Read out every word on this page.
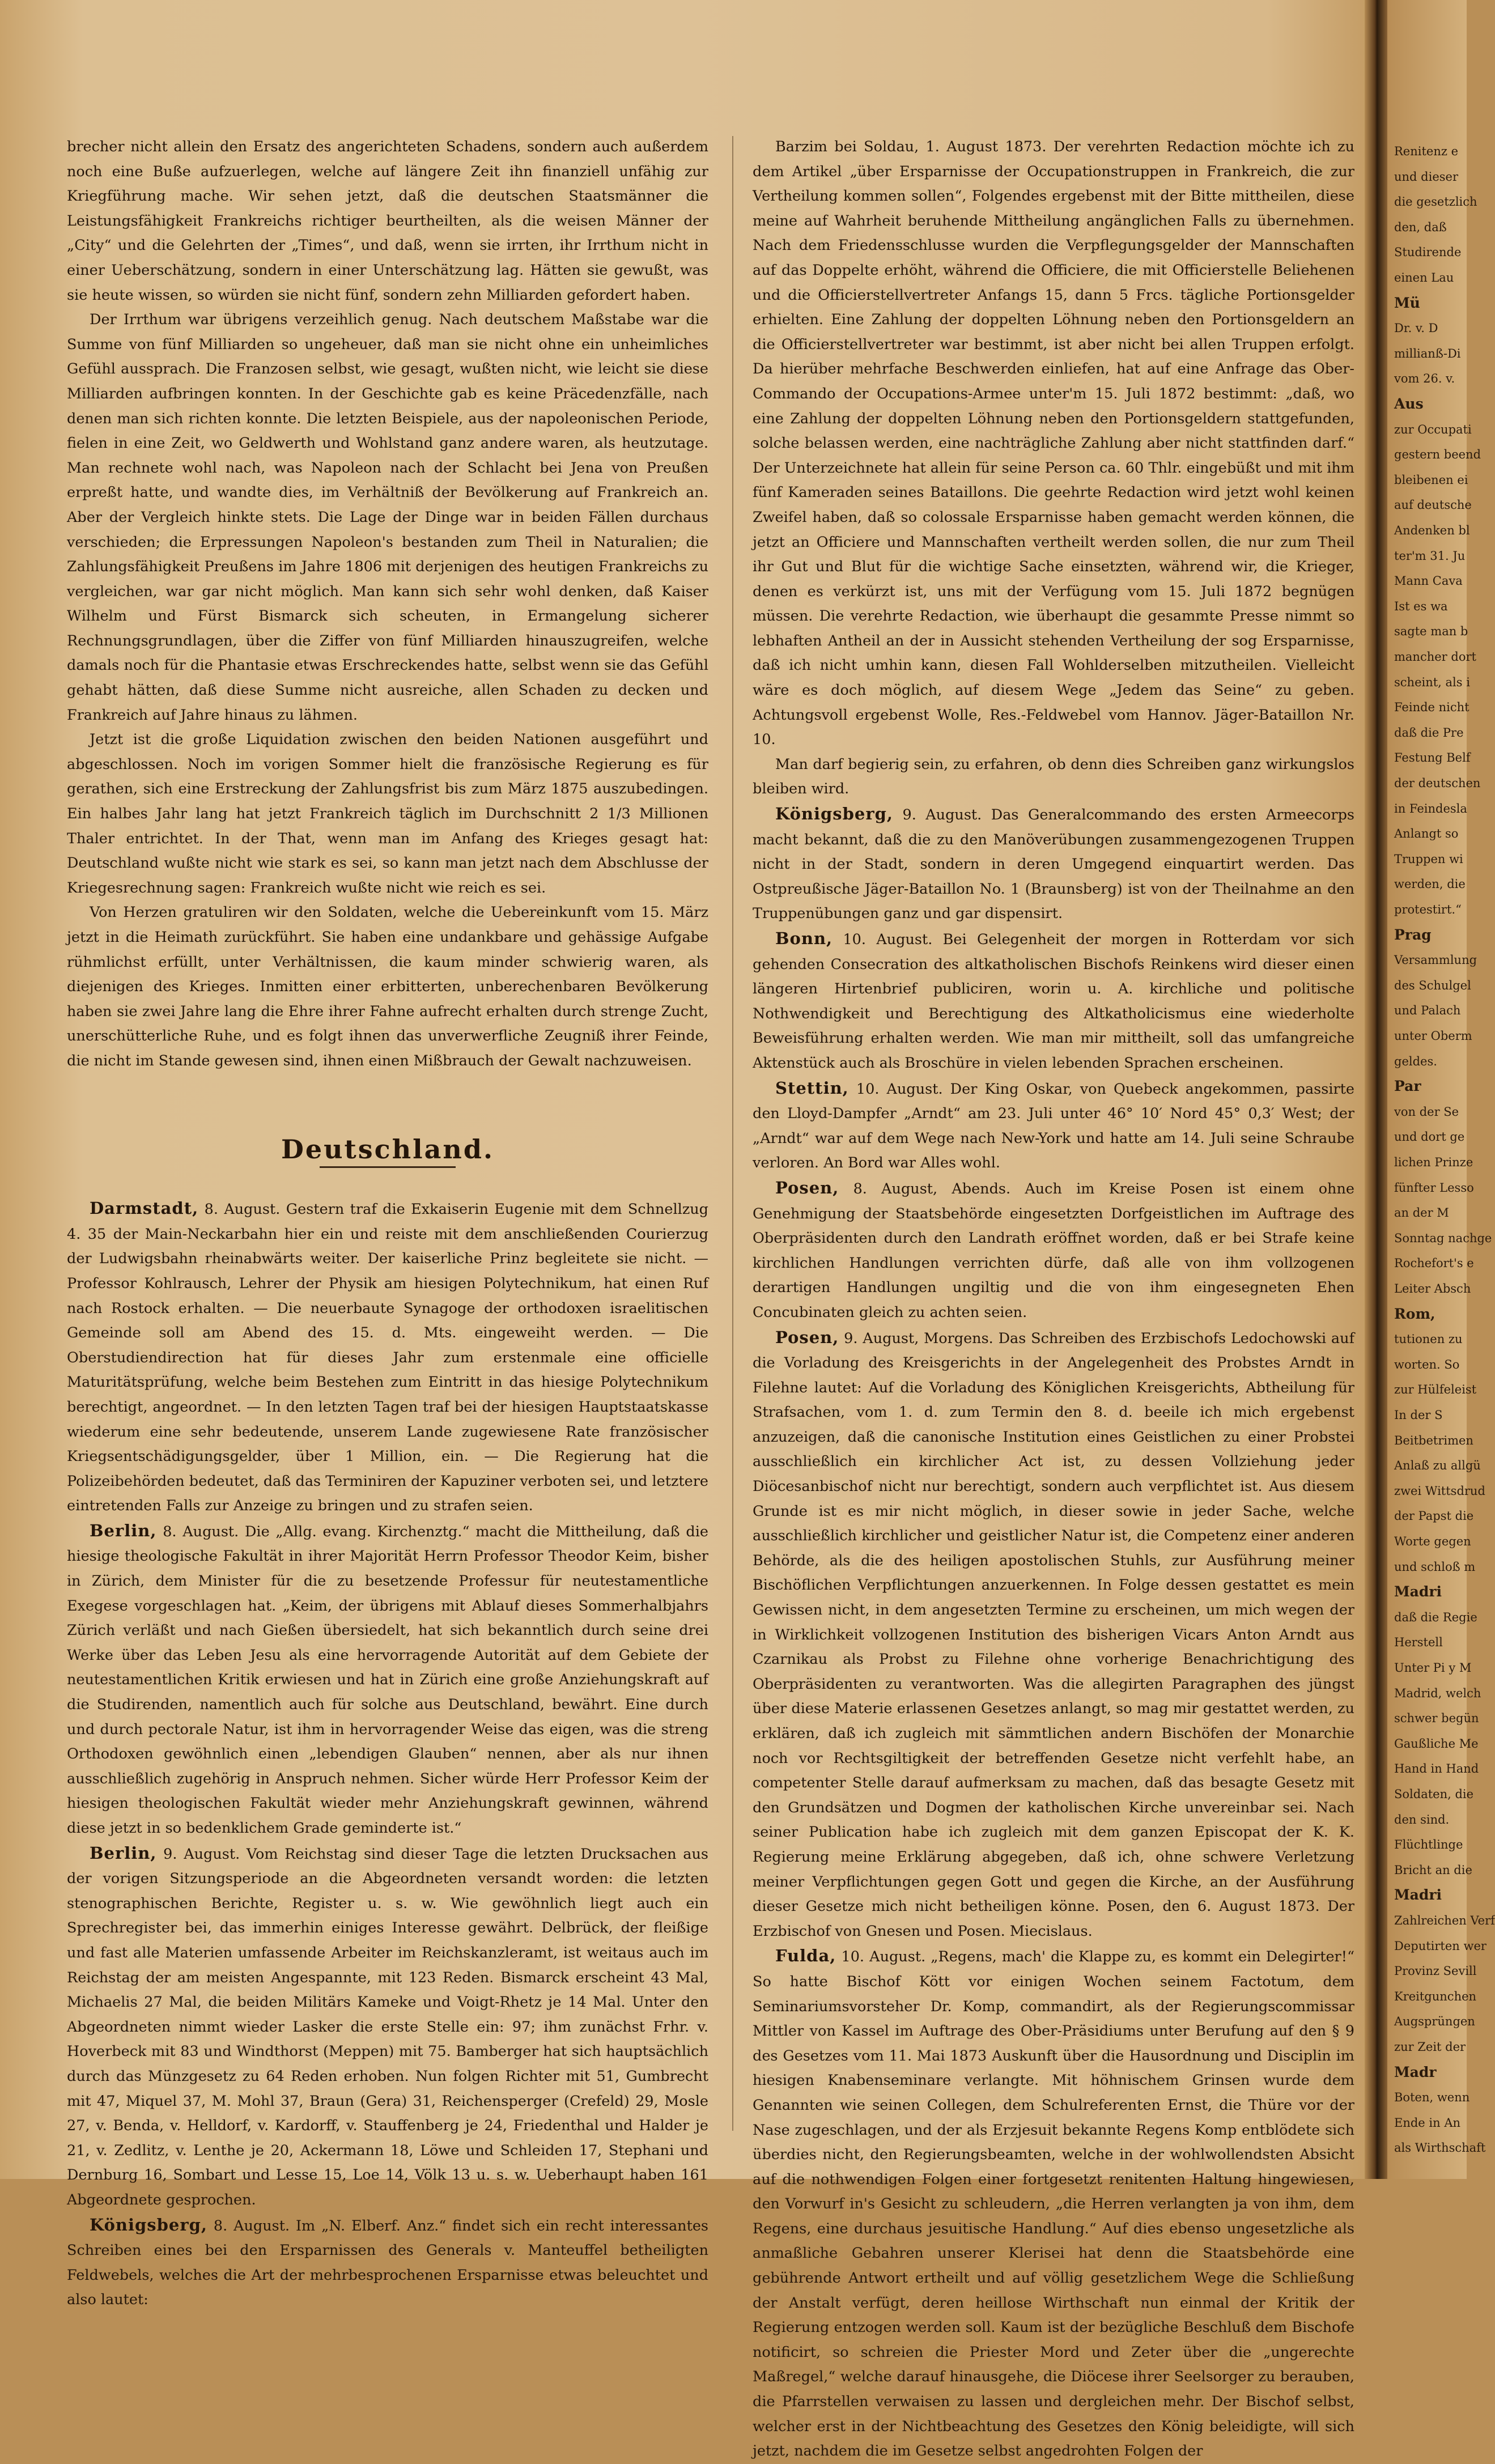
brecher nicht allein den Ersatz des angerichteten Schadens, sondern auch außerdem noch eine Buße aufzuerlegen, welche auf längere Zeit ihn finanziell unfähig zur Kriegführung mache. Wir sehen jetzt, daß die deutschen Staatsmänner die Leistungsfähigkeit Frankreichs richtiger beurtheilten, als die weisen Männer der „City“ und die Gelehrten der „Times“, und daß, wenn sie irrten, ihr Irrthum nicht in einer Ueberschätzung, sondern in einer Unterschätzung lag. Hätten sie gewußt, was sie heute wissen, so würden sie nicht fünf, sondern zehn Milliarden gefordert haben.

Der Irrthum war übrigens verzeihlich genug. Nach deutschem Maßstabe war die Summe von fünf Milliarden so ungeheuer, daß man sie nicht ohne ein unheimliches Gefühl aussprach. Die Franzosen selbst, wie gesagt, wußten nicht, wie leicht sie diese Milliarden aufbringen konnten. In der Geschichte gab es keine Präcedenzfälle, nach denen man sich richten konnte. Die letzten Beispiele, aus der napoleonischen Periode, fielen in eine Zeit, wo Geldwerth und Wohlstand ganz andere waren, als heutzutage. Man rechnete wohl nach, was Napoleon nach der Schlacht bei Jena von Preußen erpreßt hatte, und wandte dies, im Verhältniß der Bevölkerung auf Frankreich an. Aber der Vergleich hinkte stets. Die Lage der Dinge war in beiden Fällen durchaus verschieden; die Erpressungen Napoleon's bestanden zum Theil in Naturalien; die Zahlungsfähigkeit Preußens im Jahre 1806 mit derjenigen des heutigen Frankreichs zu vergleichen, war gar nicht möglich. Man kann sich sehr wohl denken, daß Kaiser Wilhelm und Fürst Bismarck sich scheuten, in Ermangelung sicherer Rechnungsgrundlagen, über die Ziffer von fünf Milliarden hinauszugreifen, welche damals noch für die Phantasie etwas Erschreckendes hatte, selbst wenn sie das Gefühl gehabt hätten, daß diese Summe nicht ausreiche, allen Schaden zu decken und Frankreich auf Jahre hinaus zu lähmen.

Jetzt ist die große Liquidation zwischen den beiden Nationen ausgeführt und abgeschlossen. Noch im vorigen Sommer hielt die französische Regierung es für gerathen, sich eine Erstreckung der Zahlungsfrist bis zum März 1875 auszubedingen. Ein halbes Jahr lang hat jetzt Frankreich täglich im Durchschnitt 2 1/3 Millionen Thaler entrichtet. In der That, wenn man im Anfang des Krieges gesagt hat: Deutschland wußte nicht wie stark es sei, so kann man jetzt nach dem Abschlusse der Kriegesrechnung sagen: Frankreich wußte nicht wie reich es sei.

Von Herzen gratuliren wir den Soldaten, welche die Uebereinkunft vom 15. März jetzt in die Heimath zurückführt. Sie haben eine undankbare und gehässige Aufgabe rühmlichst erfüllt, unter Verhältnissen, die kaum minder schwierig waren, als diejenigen des Krieges. Inmitten einer erbitterten, unberechenbaren Bevölkerung haben sie zwei Jahre lang die Ehre ihrer Fahne aufrecht erhalten durch strenge Zucht, unerschütterliche Ruhe, und es folgt ihnen das unverwerfliche Zeugniß ihrer Feinde, die nicht im Stande gewesen sind, ihnen einen Mißbrauch der Gewalt nachzuweisen.

Deutschland.

Darmstadt, 8. August. Gestern traf die Exkaiserin Eugenie mit dem Schnellzug 4. 35 der Main-Neckarbahn hier ein und reiste mit dem anschließenden Courierzug der Ludwigsbahn rheinabwärts weiter. Der kaiserliche Prinz begleitete sie nicht. — Professor Kohlrausch, Lehrer der Physik am hiesigen Polytechnikum, hat einen Ruf nach Rostock erhalten. — Die neuerbaute Synagoge der orthodoxen israelitischen Gemeinde soll am Abend des 15. d. Mts. eingeweiht werden. — Die Oberstudiendirection hat für dieses Jahr zum erstenmale eine officielle Maturitätsprüfung, welche beim Bestehen zum Eintritt in das hiesige Polytechnikum berechtigt, angeordnet. — In den letzten Tagen traf bei der hiesigen Hauptstaatskasse wiederum eine sehr bedeutende, unserem Lande zugewiesene Rate französischer Kriegsentschädigungsgelder, über 1 Million, ein. — Die Regierung hat die Polizeibehörden bedeutet, daß das Terminiren der Kapuziner verboten sei, und letztere eintretenden Falls zur Anzeige zu bringen und zu strafen seien.

Berlin, 8. August. Die „Allg. evang. Kirchenztg.“ macht die Mittheilung, daß die hiesige theologische Fakultät in ihrer Majorität Herrn Professor Theodor Keim, bisher in Zürich, dem Minister für die zu besetzende Professur für neutestamentliche Exegese vorgeschlagen hat. „Keim, der übrigens mit Ablauf dieses Sommerhalbjahrs Zürich verläßt und nach Gießen übersiedelt, hat sich bekanntlich durch seine drei Werke über das Leben Jesu als eine hervorragende Autorität auf dem Gebiete der neutestamentlichen Kritik erwiesen und hat in Zürich eine große Anziehungskraft auf die Studirenden, namentlich auch für solche aus Deutschland, bewährt. Eine durch und durch pectorale Natur, ist ihm in hervorragender Weise das eigen, was die streng Orthodoxen gewöhnlich einen „lebendigen Glauben“ nennen, aber als nur ihnen ausschließlich zugehörig in Anspruch nehmen. Sicher würde Herr Professor Keim der hiesigen theologischen Fakultät wieder mehr Anziehungskraft gewinnen, während diese jetzt in so bedenklichem Grade geminderte ist.“

Berlin, 9. August. Vom Reichstag sind dieser Tage die letzten Drucksachen aus der vorigen Sitzungsperiode an die Abgeordneten versandt worden: die letzten stenographischen Berichte, Register u. s. w. Wie gewöhnlich liegt auch ein Sprechregister bei, das immerhin einiges Interesse gewährt. Delbrück, der fleißige und fast alle Materien umfassende Arbeiter im Reichskanzleramt, ist weitaus auch im Reichstag der am meisten Angespannte, mit 123 Reden. Bismarck erscheint 43 Mal, Michaelis 27 Mal, die beiden Militärs Kameke und Voigt-Rhetz je 14 Mal. Unter den Abgeordneten nimmt wieder Lasker die erste Stelle ein: 97; ihm zunächst Frhr. v. Hoverbeck mit 83 und Windthorst (Meppen) mit 75. Bamberger hat sich hauptsächlich durch das Münzgesetz zu 64 Reden erhoben. Nun folgen Richter mit 51, Gumbrecht mit 47, Miquel 37, M. Mohl 37, Braun (Gera) 31, Reichensperger (Crefeld) 29, Mosle 27, v. Benda, v. Helldorf, v. Kardorff, v. Stauffenberg je 24, Friedenthal und Halder je 21, v. Zedlitz, v. Lenthe je 20, Ackermann 18, Löwe und Schleiden 17, Stephani und Dernburg 16, Sombart und Lesse 15, Loe 14, Völk 13 u. s. w. Ueberhaupt haben 161 Abgeordnete gesprochen.

Königsberg, 8. August. Im „N. Elberf. Anz.“ findet sich ein recht interessantes Schreiben eines bei den Ersparnissen des Generals v. Manteuffel betheiligten Feldwebels, welches die Art der mehrbesprochenen Ersparnisse etwas beleuchtet und also lautet:

Barzim bei Soldau, 1. August 1873. Der verehrten Redaction möchte ich zu dem Artikel „über Ersparnisse der Occupationstruppen in Frankreich, die zur Vertheilung kommen sollen“, Folgendes ergebenst mit der Bitte mittheilen, diese meine auf Wahrheit beruhende Mittheilung angänglichen Falls zu übernehmen. Nach dem Friedensschlusse wurden die Verpflegungsgelder der Mannschaften auf das Doppelte erhöht, während die Officiere, die mit Officierstelle Beliehenen und die Officierstellvertreter Anfangs 15, dann 5 Frcs. tägliche Portionsgelder erhielten. Eine Zahlung der doppelten Löhnung neben den Portionsgeldern an die Officierstellvertreter war bestimmt, ist aber nicht bei allen Truppen erfolgt. Da hierüber mehrfache Beschwerden einliefen, hat auf eine Anfrage das Ober-Commando der Occupations-Armee unter'm 15. Juli 1872 bestimmt: „daß, wo eine Zahlung der doppelten Löhnung neben den Portionsgeldern stattgefunden, solche belassen werden, eine nachträgliche Zahlung aber nicht stattfinden darf.“ Der Unterzeichnete hat allein für seine Person ca. 60 Thlr. eingebüßt und mit ihm fünf Kameraden seines Bataillons. Die geehrte Redaction wird jetzt wohl keinen Zweifel haben, daß so colossale Ersparnisse haben gemacht werden können, die jetzt an Officiere und Mannschaften vertheilt werden sollen, die nur zum Theil ihr Gut und Blut für die wichtige Sache einsetzten, während wir, die Krieger, denen es verkürzt ist, uns mit der Verfügung vom 15. Juli 1872 begnügen müssen. Die verehrte Redaction, wie überhaupt die gesammte Presse nimmt so lebhaften Antheil an der in Aussicht stehenden Vertheilung der sog Ersparnisse, daß ich nicht umhin kann, diesen Fall Wohlderselben mitzutheilen. Vielleicht wäre es doch möglich, auf diesem Wege „Jedem das Seine“ zu geben. Achtungsvoll ergebenst Wolle, Res.-Feldwebel vom Hannov. Jäger-Bataillon Nr. 10.

Man darf begierig sein, zu erfahren, ob denn dies Schreiben ganz wirkungslos bleiben wird.

Königsberg, 9. August. Das Generalcommando des ersten Armeecorps macht bekannt, daß die zu den Manöverübungen zusammengezogenen Truppen nicht in der Stadt, sondern in deren Umgegend einquartirt werden. Das Ostpreußische Jäger-Bataillon No. 1 (Braunsberg) ist von der Theilnahme an den Truppenübungen ganz und gar dispensirt.

Bonn, 10. August. Bei Gelegenheit der morgen in Rotterdam vor sich gehenden Consecration des altkatholischen Bischofs Reinkens wird dieser einen längeren Hirtenbrief publiciren, worin u. A. kirchliche und politische Nothwendigkeit und Berechtigung des Altkatholicismus eine wiederholte Beweisführung erhalten werden. Wie man mir mittheilt, soll das umfangreiche Aktenstück auch als Broschüre in vielen lebenden Sprachen erscheinen.

Stettin, 10. August. Der King Oskar, von Quebeck angekommen, passirte den Lloyd-Dampfer „Arndt“ am 23. Juli unter 46° 10′ Nord 45° 0,3′ West; der „Arndt“ war auf dem Wege nach New-York und hatte am 14. Juli seine Schraube verloren. An Bord war Alles wohl.

Posen, 8. August, Abends. Auch im Kreise Posen ist einem ohne Genehmigung der Staatsbehörde eingesetzten Dorfgeistlichen im Auftrage des Oberpräsidenten durch den Landrath eröffnet worden, daß er bei Strafe keine kirchlichen Handlungen verrichten dürfe, daß alle von ihm vollzogenen derartigen Handlungen ungiltig und die von ihm eingesegneten Ehen Concubinaten gleich zu achten seien.

Posen, 9. August, Morgens. Das Schreiben des Erzbischofs Ledochowski auf die Vorladung des Kreisgerichts in der Angelegenheit des Probstes Arndt in Filehne lautet: Auf die Vorladung des Königlichen Kreisgerichts, Abtheilung für Strafsachen, vom 1. d. zum Termin den 8. d. beeile ich mich ergebenst anzuzeigen, daß die canonische Institution eines Geistlichen zu einer Probstei ausschließlich ein kirchlicher Act ist, zu dessen Vollziehung jeder Diöcesanbischof nicht nur berechtigt, sondern auch verpflichtet ist. Aus diesem Grunde ist es mir nicht möglich, in dieser sowie in jeder Sache, welche ausschließlich kirchlicher und geistlicher Natur ist, die Competenz einer anderen Behörde, als die des heiligen apostolischen Stuhls, zur Ausführung meiner Bischöflichen Verpflichtungen anzuerkennen. In Folge dessen gestattet es mein Gewissen nicht, in dem angesetzten Termine zu erscheinen, um mich wegen der in Wirklichkeit vollzogenen Institution des bisherigen Vicars Anton Arndt aus Czarnikau als Probst zu Filehne ohne vorherige Benachrichtigung des Oberpräsidenten zu verantworten. Was die allegirten Paragraphen des jüngst über diese Materie erlassenen Gesetzes anlangt, so mag mir gestattet werden, zu erklären, daß ich zugleich mit sämmtlichen andern Bischöfen der Monarchie noch vor Rechtsgiltigkeit der betreffenden Gesetze nicht verfehlt habe, an competenter Stelle darauf aufmerksam zu machen, daß das besagte Gesetz mit den Grundsätzen und Dogmen der katholischen Kirche unvereinbar sei. Nach seiner Publication habe ich zugleich mit dem ganzen Episcopat der K. K. Regierung meine Erklärung abgegeben, daß ich, ohne schwere Verletzung meiner Verpflichtungen gegen Gott und gegen die Kirche, an der Ausführung dieser Gesetze mich nicht betheiligen könne. Posen, den 6. August 1873. Der Erzbischof von Gnesen und Posen. Miecislaus.

Fulda, 10. August. „Regens, mach' die Klappe zu, es kommt ein Delegirter!“ So hatte Bischof Kött vor einigen Wochen seinem Factotum, dem Seminariumsvorsteher Dr. Komp, commandirt, als der Regierungscommissar Mittler von Kassel im Auftrage des Ober-Präsidiums unter Berufung auf den § 9 des Gesetzes vom 11. Mai 1873 Auskunft über die Hausordnung und Disciplin im hiesigen Knabenseminare verlangte. Mit höhnischem Grinsen wurde dem Genannten wie seinen Collegen, dem Schulreferenten Ernst, die Thüre vor der Nase zugeschlagen, und der als Erzjesuit bekannte Regens Komp entblödete sich überdies nicht, den Regierungsbeamten, welche in der wohlwollendsten Absicht auf die nothwendigen Folgen einer fortgesetzt renitenten Haltung hingewiesen, den Vorwurf in's Gesicht zu schleudern, „die Herren verlangten ja von ihm, dem Regens, eine durchaus jesuitische Handlung.“ Auf dies ebenso ungesetzliche als anmaßliche Gebahren unserer Klerisei hat denn die Staatsbehörde eine gebührende Antwort ertheilt und auf völlig gesetzlichem Wege die Schließung der Anstalt verfügt, deren heillose Wirthschaft nun einmal der Kritik der Regierung entzogen werden soll. Kaum ist der bezügliche Beschluß dem Bischofe notificirt, so schreien die Priester Mord und Zeter über die „ungerechte Maßregel,“ welche darauf hinausgehe, die Diöcese ihrer Seelsorger zu berauben, die Pfarrstellen verwaisen zu lassen und dergleichen mehr. Der Bischof selbst, welcher erst in der Nichtbeachtung des Gesetzes den König beleidigte, will sich jetzt, nachdem die im Gesetze selbst angedrohten Folgen der

Renitenz e
und dieser
die gesetzlich
den, daß
Studirende
einen Lau
Mü
Dr. v. D
millianß-Di
vom 26. v.
Aus
zur Occupati
gestern beend
bleibenen ei
auf deutsche
Andenken bl
ter'm 31. Ju
Mann Cava
Ist es wa
sagte man b
mancher dort
scheint, als i
Feinde nicht
daß die Pre
Festung Belf
der deutschen
in Feindesla
Anlangt so
Truppen wi
werden, die
protestirt.“
Prag
Versammlung
des Schulgel
und Palach
unter Oberm
geldes.
Par
von der Se
und dort ge
lichen Prinze
fünfter Lesso
an der M
Sonntag nachge
Rochefort's e
Leiter Absch
Rom,
tutionen zu
worten. So
zur Hülfeleist
In der S
Beitbetrimen
Anlaß zu allgü
zwei Wittsdrud
der Papst die
Worte gegen
und schloß m
Madri
daß die Regie
Herstell
Unter Pi y M
Madrid, welch
schwer begün
Gaußliche Me
Hand in Hand
Soldaten, die
den sind.
Flüchtlinge
Bricht an die
Madri
Zahlreichen Verf
Deputirten wer
Provinz Sevill
Kreitgunchen
Augsprüngen
zur Zeit der
Madr
Boten, wenn
Ende in An
als Wirthschaft
